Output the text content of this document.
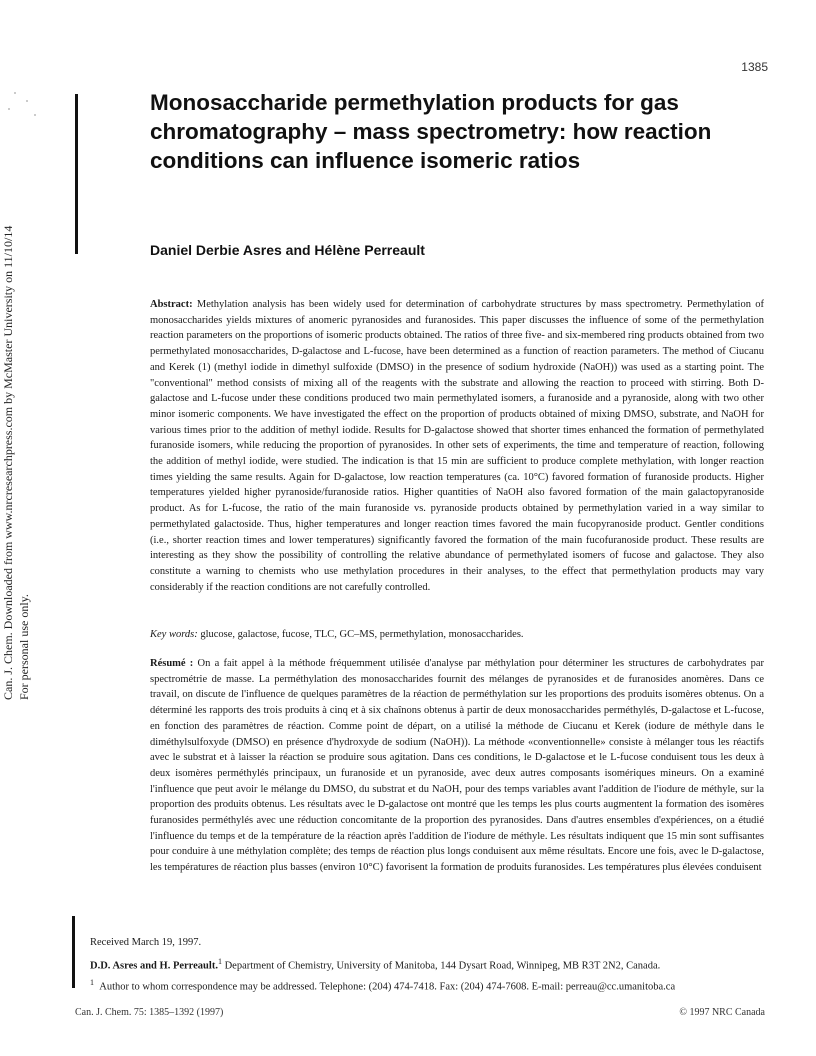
1385
Can. J. Chem. Downloaded from www.nrcresearchpress.com by McMaster University on 11/10/14 For personal use only.
Monosaccharide permethylation products for gas chromatography – mass spectrometry: how reaction conditions can influence isomeric ratios
Daniel Derbie Asres and Hélène Perreault

Abstract: Methylation analysis has been widely used for determination of carbohydrate structures by mass spectrometry. Permethylation of monosaccharides yields mixtures of anomeric pyranosides and furanosides. This paper discusses the influence of some of the permethylation reaction parameters on the proportions of isomeric products obtained. The ratios of three five- and six-membered ring products obtained from two permethylated monosaccharides, D-galactose and L-fucose, have been determined as a function of reaction parameters. The method of Ciucanu and Kerek (1) (methyl iodide in dimethyl sulfoxide (DMSO) in the presence of sodium hydroxide (NaOH)) was used as a starting point. The "conventional" method consists of mixing all of the reagents with the substrate and allowing the reaction to proceed with stirring. Both D-galactose and L-fucose under these conditions produced two main permethylated isomers, a furanoside and a pyranoside, along with two other minor isomeric components. We have investigated the effect on the proportion of products obtained of mixing DMSO, substrate, and NaOH for various times prior to the addition of methyl iodide. Results for D-galactose showed that shorter times enhanced the formation of permethylated furanoside isomers, while reducing the proportion of pyranosides. In other sets of experiments, the time and temperature of reaction, following the addition of methyl iodide, were studied. The indication is that 15 min are sufficient to produce complete methylation, with longer reaction times yielding the same results. Again for D-galactose, low reaction temperatures (ca. 10°C) favored formation of furanoside products. Higher temperatures yielded higher pyranoside/furanoside ratios. Higher quantities of NaOH also favored formation of the main galactopyranoside product. As for L-fucose, the ratio of the main furanoside vs. pyranoside products obtained by permethylation varied in a way similar to permethylated galactoside. Thus, higher temperatures and longer reaction times favored the main fucopyranoside product. Gentler conditions (i.e., shorter reaction times and lower temperatures) significantly favored the formation of the main fucofuranoside product. These results are interesting as they show the possibility of controlling the relative abundance of permethylated isomers of fucose and galactose. They also constitute a warning to chemists who use methylation procedures in their analyses, to the effect that permethylation products may vary considerably if the reaction conditions are not carefully controlled.

Key words: glucose, galactose, fucose, TLC, GC–MS, permethylation, monosaccharides.

Résumé : On a fait appel à la méthode fréquemment utilisée d'analyse par méthylation pour déterminer les structures de carbohydrates par spectrométrie de masse. La perméthylation des monosaccharides fournit des mélanges de pyranosides et de furanosides anomères. Dans ce travail, on discute de l'influence de quelques paramètres de la réaction de perméthylation sur les proportions des produits isomères obtenus. On a déterminé les rapports des trois produits à cinq et à six chaînons obtenus à partir de deux monosaccharides perméthylés, D-galactose et L-fucose, en fonction des paramètres de réaction. Comme point de départ, on a utilisé la méthode de Ciucanu et Kerek (iodure de méthyle dans le diméthylsulfoxyde (DMSO) en présence d'hydroxyde de sodium (NaOH)). La méthode «conventionnelle» consiste à mélanger tous les réactifs avec le substrat et à laisser la réaction se produire sous agitation. Dans ces conditions, le D-galactose et le L-fucose conduisent tous les deux à deux isomères perméthylés principaux, un furanoside et un pyranoside, avec deux autres composants isomériques mineurs. On a examiné l'influence que peut avoir le mélange du DMSO, du substrat et du NaOH, pour des temps variables avant l'addition de l'iodure de méthyle, sur la proportion des produits obtenus. Les résultats avec le D-galactose ont montré que les temps les plus courts augmentent la formation des isomères furanosides perméthylés avec une réduction concomitante de la proportion des pyranosides. Dans d'autres ensembles d'expériences, on a étudié l'influence du temps et de la température de la réaction après l'addition de l'iodure de méthyle. Les résultats indiquent que 15 min sont suffisantes pour conduire à une méthylation complète; des temps de réaction plus longs conduisent aux même résultats. Encore une fois, avec le D-galactose, les températures de réaction plus basses (environ 10°C) favorisent la formation de produits furanosides. Les températures plus élevées conduisent

Received March 19, 1997.
D.D. Asres and H. Perreault.$^1$ Department of Chemistry, University of Manitoba, 144 Dysart Road, Winnipeg, MB R3T 2N2, Canada.
$^1$ Author to whom correspondence may be addressed. Telephone: (204) 474-7418. Fax: (204) 474-7608. E-mail: perreau@cc.umanitoba.ca
Can. J. Chem. 75: 1385–1392 (1997)	© 1997 NRC Canada
